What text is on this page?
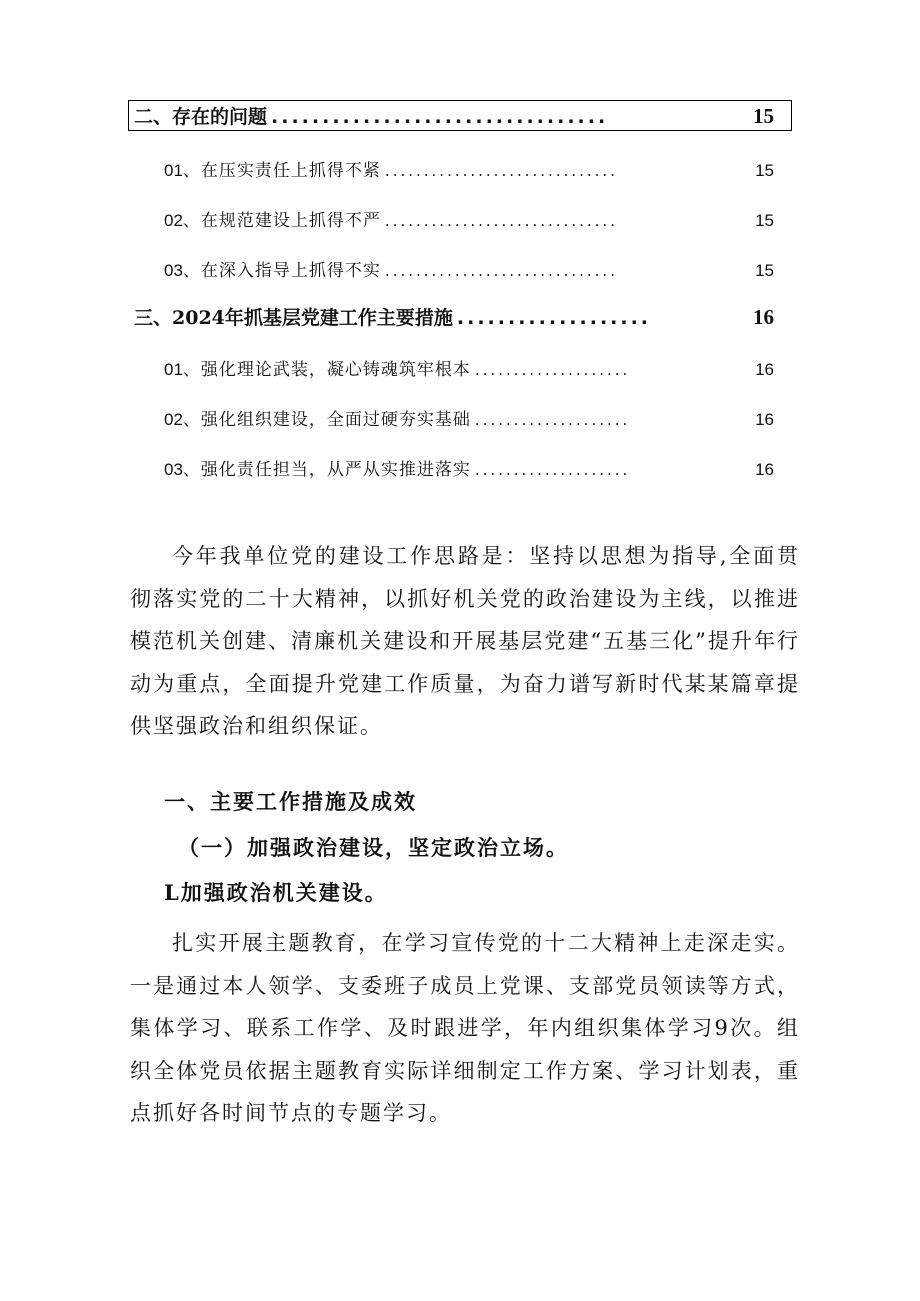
二、存在的问题 .................................	15
01 、在压实责任上抓得不紧 ..............................	15
02 、在规范建设上抓得不严 ..............................	15
03 、在深入指导上抓得不实 ..............................	15
三、2024年抓基层党建工作主要措施 ...................	16
01 、强化理论武装，凝心铸魂筑牢根本 ....................	16
02 、强化组织建设，全面过硬夯实基础 ....................	16
03 、强化责任担当，从严从实推进落实 ....................	16

今年我单位党的建设工作思路是：坚持以思想为指导,全面贯彻落实党的二十大精神，以抓好机关党的政治建设为主线，以推进模范机关创建、清廉机关建设和开展基层党建“五基三化”提升年行动为重点，全面提升党建工作质量，为奋力谱写新时代某某篇章提供坚强政治和组织保证。

一、主要工作措施及成效
（一）加强政治建设，坚定政治立场。
L加强政治机关建设。

扎实开展主题教育，在学习宣传党的十二大精神上走深走实。一是通过本人领学、支委班子成员上党课、支部党员领读等方式，集体学习、联系工作学、及时跟进学，年内组织集体学习9次。组织全体党员依据主题教育实际详细制定工作方案、学习计划表，重点抓好各时间节点的专题学习。
